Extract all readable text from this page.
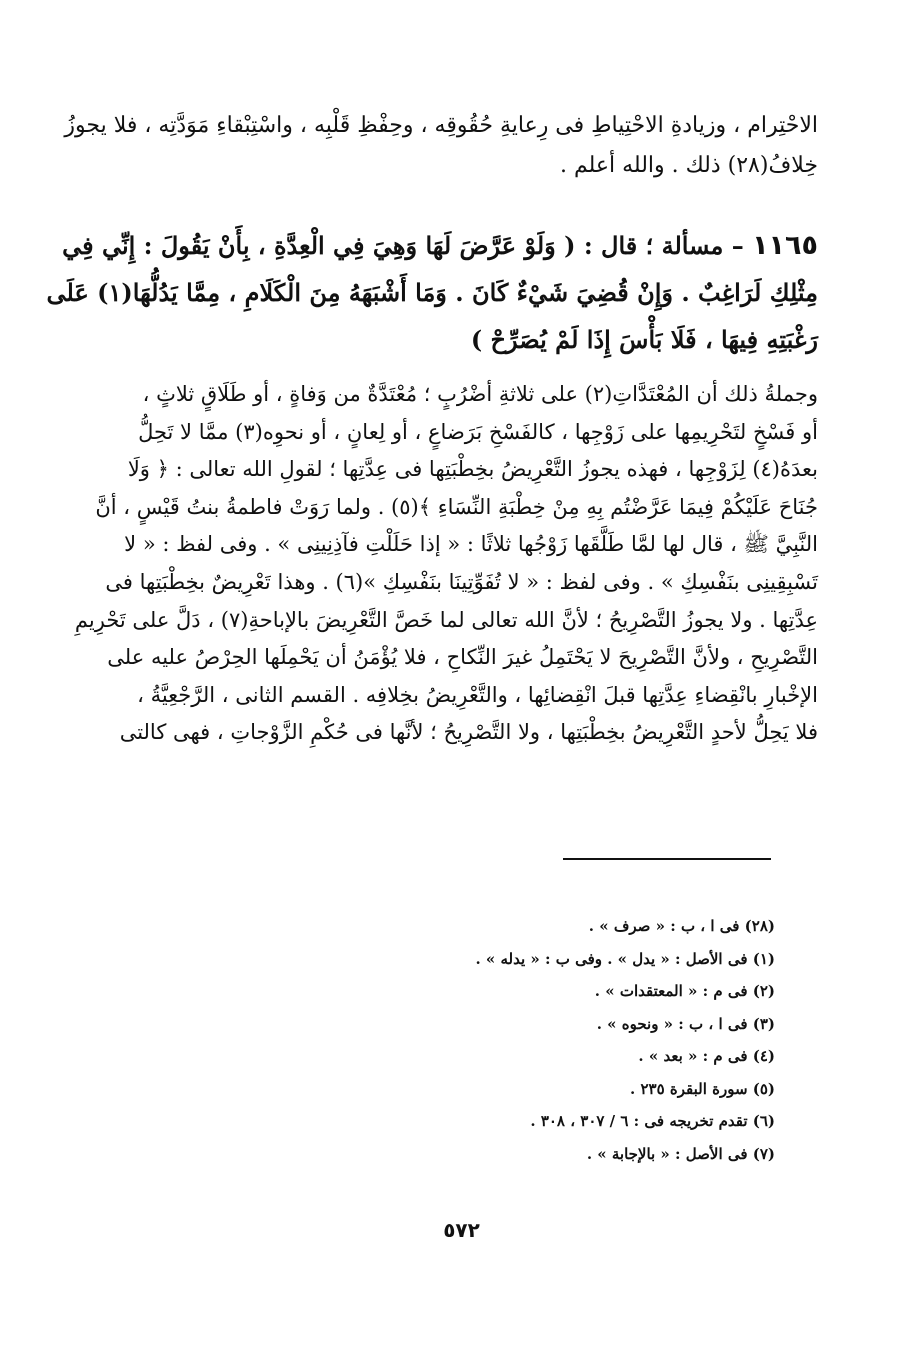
الاحْتِرام ، وزيادةِ الاحْتِياطِ فى رِعايةِ حُقُوقِه ، وحِفْظِ قَلْبِه ، واسْتِبْقاءِ مَوَدَّتِه ، فلا يجوزُ
خِلافُ(٢٨) ذلك . والله أعلم .
١١٦٥ – مسألة ؛ قال : ( وَلَوْ عَرَّضَ لَهَا وَهِيَ فِي الْعِدَّةِ ، بِأَنْ يَقُولَ : إِنِّي فِي
مِثْلِكِ لَرَاغِبٌ . وَإِنْ قُضِيَ شَيْءٌ كَانَ . وَمَا أَشْبَهَهُ مِنَ الْكَلَامِ ، مِمَّا يَدُلُّهَا(١) عَلَى
رَغْبَتِهِ فِيهَا ، فَلَا بَأْسَ إِذَا لَمْ يُصَرِّحْ )
وجملةُ ذلك أن المُعْتَدَّاتِ(٢) على ثلاثةِ أضْرُبٍ ؛ مُعْتَدَّةٌ من وَفاةٍ ، أو طَلَاقٍ ثلاثٍ ،
أو فَسْخٍ لتَحْرِيمِها على زَوْجِها ، كالفَسْخِ بَرَضاعٍ ، أو لِعانٍ ، أو نحوِه(٣) ممَّا لا تَحِلُّ
بعدَهُ(٤) لِزَوْجِها ، فهذه يجوزُ التَّعْرِيضُ بخِطْبَتِها فى عِدَّتِها ؛ لقولِ الله تعالى : ﴿ وَلَا
جُنَاحَ عَلَيْكُمْ فِيمَا عَرَّضْتُم بِهِ مِنْ خِطْبَةِ النِّسَاءِ ﴾(٥) . ولما رَوَتْ فاطمةُ بنتُ قَيْسٍ ، أنَّ
النَّبِيَّ ﷺ ، قال لها لمَّا طَلَّقَها زَوْجُها ثلاثًا : « إذا حَلَلْتِ فآذِنِينِى » . وفى لفظ : « لا
تَسْبِقِينِى بنَفْسِكِ » . وفى لفظ : « لا تُفَوِّتِينَا بنَفْسِكِ »(٦) . وهذا تَعْرِيضٌ بخِطْبَتِها فى
عِدَّتِها . ولا يجوزُ التَّصْرِيحُ ؛ لأنَّ الله تعالى لما خَصَّ التَّعْرِيضَ بالإباحةِ(٧) ، دَلَّ على تَحْرِيمِ
التَّصْرِيحِ ، ولأنَّ التَّصْرِيحَ لا يَحْتَمِلُ غيرَ النِّكاحِ ، فلا يُؤْمَنُ أن يَحْمِلَها الحِرْصُ عليه على
الإخْبارِ بانْقِضاءِ عِدَّتِها قبلَ انْقِضائِها ، والتَّعْرِيضُ بخِلافِه . القسم الثانى ، الرَّجْعِيَّةُ ،
فلا يَحِلُّ لأحدٍ التَّعْرِيضُ بخِطْبَتِها ، ولا التَّصْرِيحُ ؛ لأنَّها فى حُكْمِ الزَّوْجاتِ ، فهى كالتى
(٢٨) فى ا ، ب : « صرف » .
(١) فى الأصل : « يدل » . وفى ب : « يدله » .
(٢) فى م : « المعتقدات » .
(٣) فى ا ، ب : « ونحوه » .
(٤) فى م : « بعد » .
(٥) سورة البقرة ٢٣٥ .
(٦) تقدم تخريجه فى : ٦ / ٣٠٧ ، ٣٠٨ .
(٧) فى الأصل : « بالإجابة » .
٥٧٢
